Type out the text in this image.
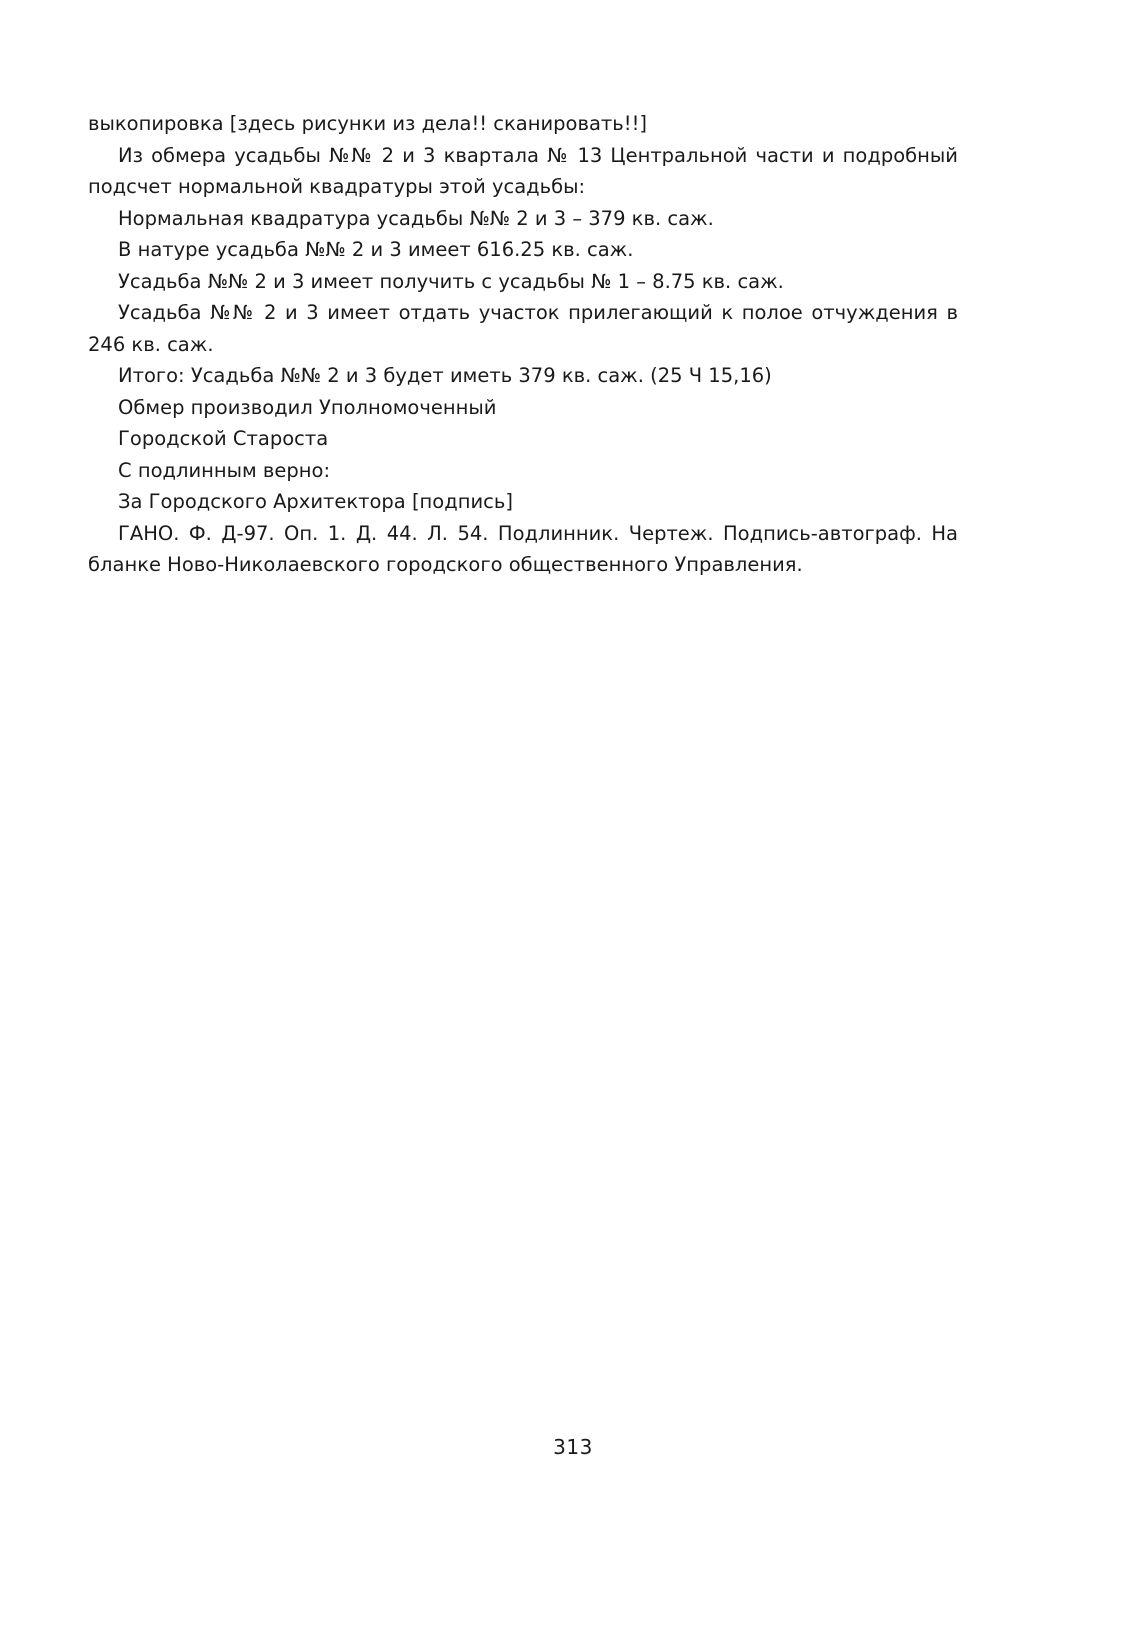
выкопировка [здесь рисунки из дела!! сканировать!!]

Из обмера усадьбы №№ 2 и 3 квартала № 13 Центральной части и подробный подсчет нормальной квадратуры этой усадьбы:

Нормальная квадратура усадьбы №№ 2 и 3 – 379 кв. саж.

В натуре усадьба №№ 2 и 3 имеет 616.25 кв. саж.

Усадьба №№ 2 и 3 имеет получить с усадьбы № 1 – 8.75 кв. саж.

Усадьба №№ 2 и 3 имеет отдать участок прилегающий к полое отчуждения в 246 кв. саж.

Итого: Усадьба №№ 2 и 3 будет иметь 379 кв. саж. (25 Ч 15,16)

Обмер производил Уполномоченный

Городской Староста

С подлинным верно:

За Городского Архитектора [подпись]

ГАНО. Ф. Д-97. Оп. 1. Д. 44. Л. 54. Подлинник. Чертеж. Подпись-автограф. На бланке Ново-Николаевского городского общественного Управления.

313
